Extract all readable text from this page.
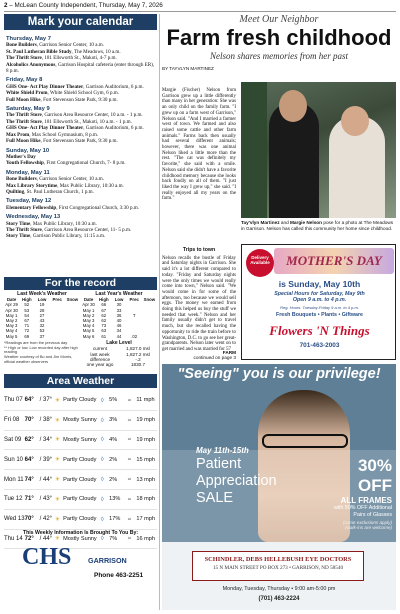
2 – McLean County Independent, Thursday, May 7, 2026
Mark your calendar
Thursday, May 7
Bone Builders, Garrison Senior Center, 10 a.m.
St. Paul Lutheran Bible Study, The Meadows, 10 a.m.
The Thrift Store, 181 Ellsworth St., Makoti, 4-7 p.m.
Alcoholics Anonymous, Garrison Hospital cafeteria (enter through ER), 8 p.m.
Friday, May 8
GHS One- Act Play Dinner Theater, Garrison Auditorium, 6 p.m.
White Shield Prom, White Shield School Gym, 6 p.m.
Full Moon Hike, Fort Stevenson State Park, 9:30 p.m.
Saturday, May 9
The Thrift Store, Garrison Area Resource Center, 10 a.m. - 1 p.m.
The Thrift Store, 181 Ellsworth St., Makoti, 10 a.m. - 1 p.m.
GHS One- Act Play Dinner Theater, Garrison Auditorium, 6 p.m.
Max Prom, Max School Gymnasium, 8 p.m.
Full Moon Hike, Fort Stevenson State Park, 9:30 p.m.
Sunday, May 10
Mother's Day
Youth Fellowship, First Congregational Church, 7- 8 p.m.
Monday, May 11
Bone Builders, Garrison Senior Center, 10 a.m.
Max Library Storytime, Max Public Library, 10:30 a.m.
Quilting, St. Paul Lutheran Church, 1 p.m.
Tuesday, May 12
Elementary Fellowship, First Congregational Church, 3:30 p.m.
Wednesday, May 13
Story Time, Max Public Library, 10:30 a.m.
The Thrift Store, Garrison Area Resource Center, 11- 5 p.m.
Story Time, Garrison Public Library, 11:15 a.m.
For the record
Last Week's Weather
Date	High	Low	Prec	Snow
Apr 29	52	19
Apr 30	53	28
May 1	54	27
May 2	67	43
May 3	71	32
May 4	72	53
May 5	69	37
Last Year's Weather
Date	High	Low	Prec	Snow
Apr 30	66	30
May 1	67	33
May 2	62	36	T
May 3	62	40
May 4	73	46
May 5	63	34
May 6	61	44	.02
*Readings are from the previous day
** High or low. Low recorded day after high reading
Weather courtesy of Bo and Jim Morris, official weather observers
Lake Level
current	1,827.0 msl
last week	1,827.2 msl
difference	-.2
one year ago	1830.7
Meet Our Neighbor
Farm fresh childhood
Nelson shares memories from her past
BY TAYVLYN MARTINEZ
Margie (Fischer) Nelson from Garrison grew up a little differently than many in her generation: She was an only child on the family farm. "I grew up on a farm west of Garrison," Nelson said. "And I married a farmer west of town. We farmed and also raised some cattle and other farm animals." Farms back then usually had several different animals; however, there was one animal Nelson liked a little more than the rest. "The cat was definitely my favorite," she said with a smile. Nelson said she didn't have a favorite childhood memory because she looks back fondly on all of them. "I just liked the way I grew up," she said. "I really enjoyed all my years on the farm."
Trips to town
Nelson recalls the bustle of Friday and Saturday nights in Garrison. She said it's a lot different compared to today. "Friday and Saturday nights were the only times we would really come into town," Nelson said. "We would come in for some of the afternoon, too because we would sell eggs. The money we earned from doing this helped us buy the stuff we needed that week." Nelson and her family usually didn't get to travel much, but she recalled having the opportunity to ride the train before to Washington, D.C. to go see her great-grandparents. Nelson later went on to get married and was married for 57
FARM
continued on page 3
Tay'vlyn Martinez and Margie Nelson pose for a photo at The Meadows in Garrison. Nelson has called this community her home since childhood.
Delivery Available	MOTHER'S DAY
is Sunday, May 10th
Special Hours for Saturday, May 9th
Open 9 a.m. to 4 p.m.
Reg. Hours: Tuesday-Friday 9 a.m. to 4 p.m.
Fresh Bouquets • Plants • Giftware
Flowers 'N Things
701-463-2003
Area Weather
Thu 07 64° / 37° ☀ Partly Cloudy ◊ 5%	≈ 11 mph
Fri 08 70° / 38° ☀ Mostly Sunny ◊ 3%	≈ 19 mph
Sat 09 62° / 34° ☀ Mostly Sunny ◊ 4%	≈ 19 mph
Sun 10 64° / 39° ☀ Partly Cloudy ◊ 2%	≈ 15 mph
Mon 11 74° / 44° ☀ Partly Cloudy ◊ 2%	≈ 13 mph
Tue 12 71° / 43° ☀ Partly Cloudy ◊ 13%	≈ 18 mph
Wed 13 70° / 42° ☀ Partly Cloudy ◊ 17%	≈ 17 mph
Thu 14 72° / 44° ☀ Mostly Sunny ◊ 7%	≈ 16 mph
This Weekly Information Is Brought To You By:
CHS	GARRISON
Phone 463-2251
"Seeing" you is our privilege!
May 11th-15th
Patient
Appreciation
SALE
30% OFF
ALL FRAMES
with 50% OFF Additional Pairs of Glasses
(some exclusions apply) (walk-ins are welcome)
SCHINDLER, DEBS HELLEBUSH EYE DOCTORS
15 N MAIN STREET PO BOX 273 • GARRISON, ND 58540
Monday, Tuesday, Thursday • 9:00 am-5:00 pm
(701) 463-2224
